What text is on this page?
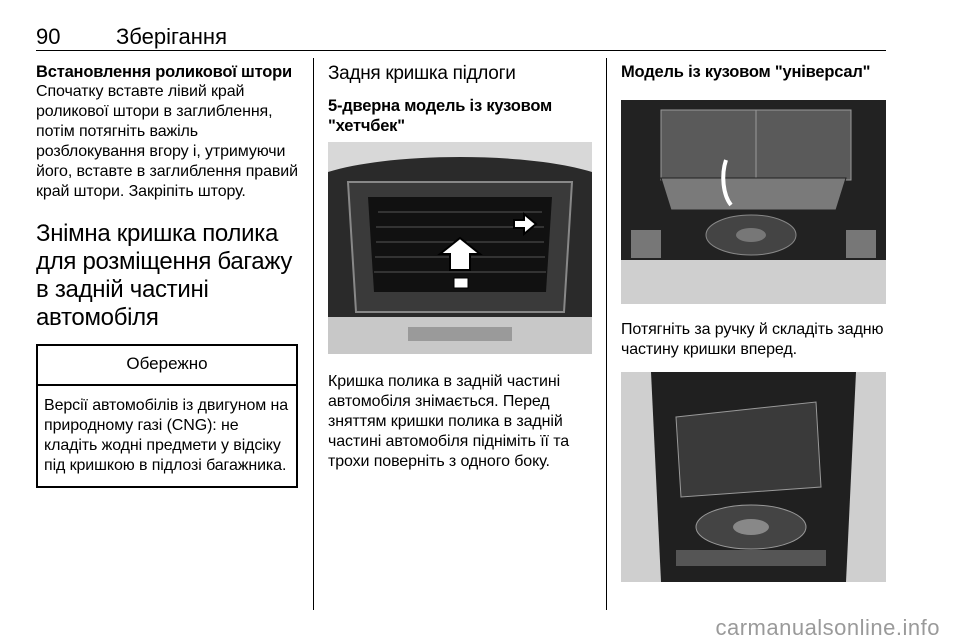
90	Зберігання

Встановлення роликової штори

Спочатку вставте лівий край роликової штори в заглиблення, потім потягніть важіль розблокування вгору і, утримуючи його, вставте в заглиблення правий край штори. Закріпіть штору.

Знімна кришка полика для розміщення багажу в задній частині автомобіля

Обережно
Версії автомобілів із двигуном на природному газі (CNG): не кладіть жодні предмети у відсіку під кришкою в підлозі багажника.

Задня кришка підлоги

5-дверна модель із кузовом "хетчбек"

Кришка полика в задній частині автомобіля знімається. Перед зняттям кришки полика в задній частині автомобіля підніміть її та трохи поверніть з одного боку.

Модель із кузовом "універсал"

Потягніть за ручку й складіть задню частину кришки вперед.

carmanualsonline.info
